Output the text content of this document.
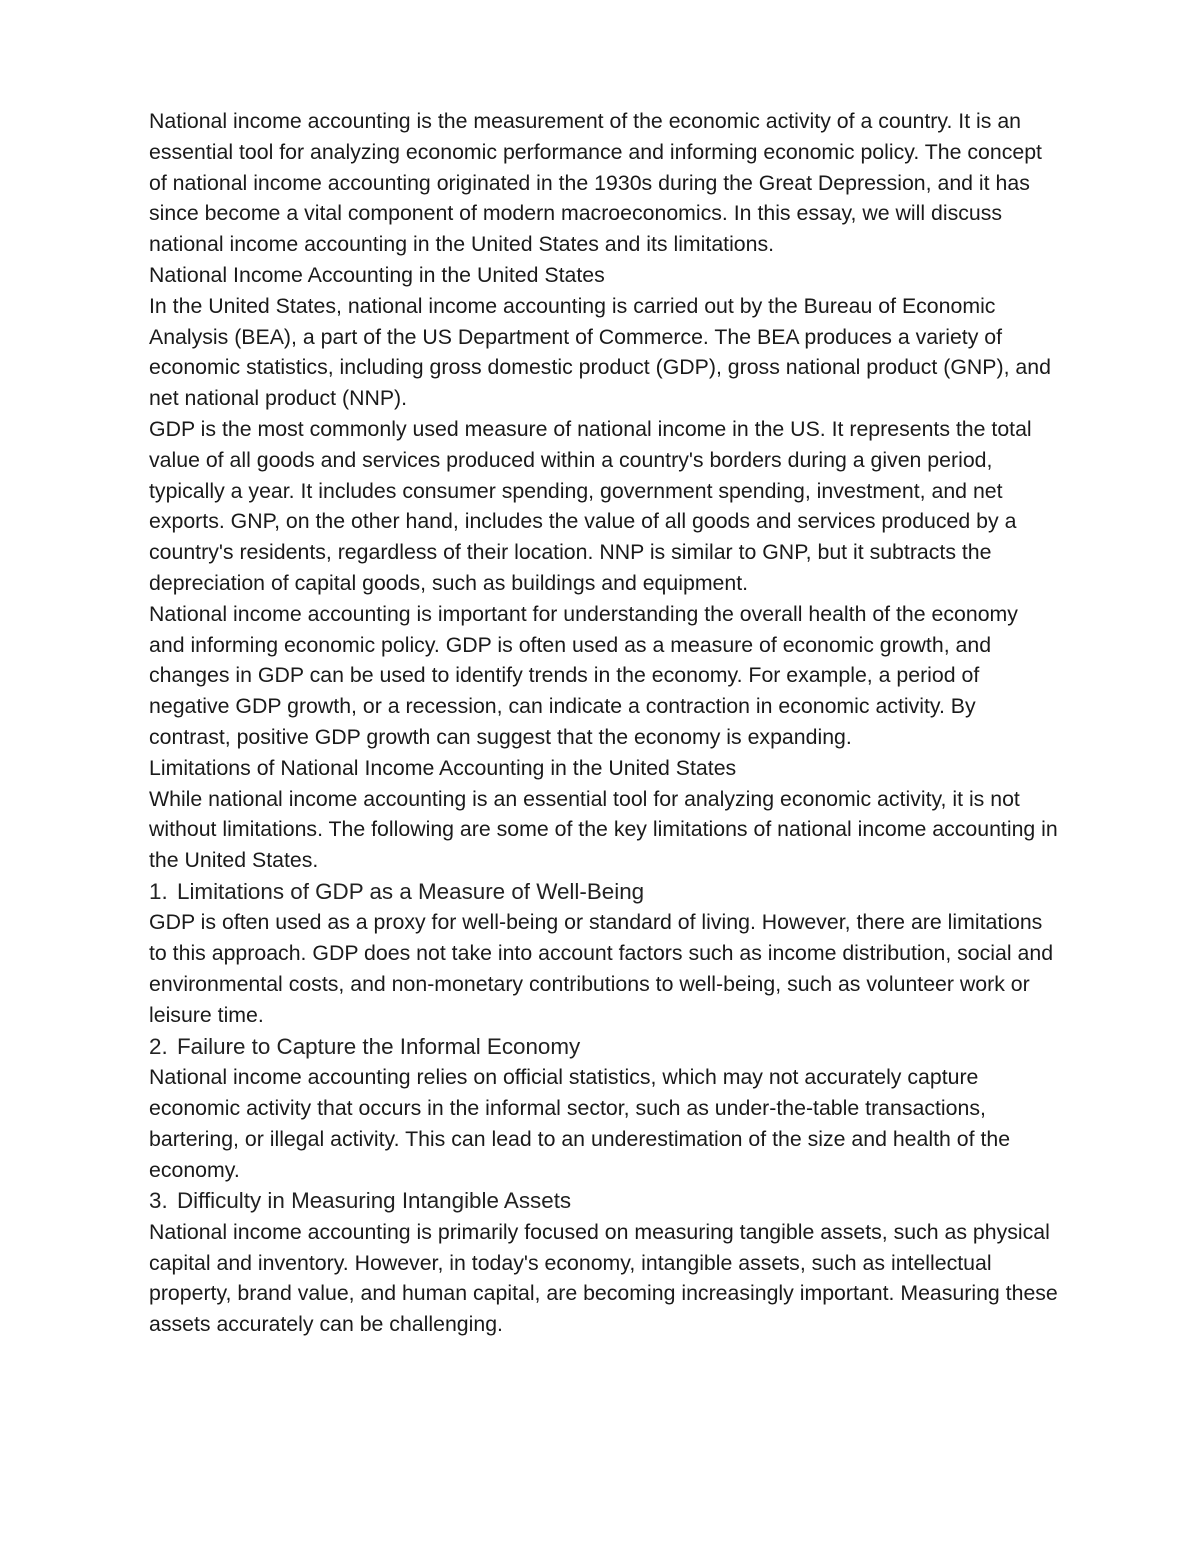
National income accounting is the measurement of the economic activity of a country. It is an essential tool for analyzing economic performance and informing economic policy. The concept of national income accounting originated in the 1930s during the Great Depression, and it has since become a vital component of modern macroeconomics. In this essay, we will discuss national income accounting in the United States and its limitations.

National Income Accounting in the United States

In the United States, national income accounting is carried out by the Bureau of Economic Analysis (BEA), a part of the US Department of Commerce. The BEA produces a variety of economic statistics, including gross domestic product (GDP), gross national product (GNP), and net national product (NNP).

GDP is the most commonly used measure of national income in the US. It represents the total value of all goods and services produced within a country's borders during a given period, typically a year. It includes consumer spending, government spending, investment, and net exports. GNP, on the other hand, includes the value of all goods and services produced by a country's residents, regardless of their location. NNP is similar to GNP, but it subtracts the depreciation of capital goods, such as buildings and equipment.

National income accounting is important for understanding the overall health of the economy and informing economic policy. GDP is often used as a measure of economic growth, and changes in GDP can be used to identify trends in the economy. For example, a period of negative GDP growth, or a recession, can indicate a contraction in economic activity. By contrast, positive GDP growth can suggest that the economy is expanding.

Limitations of National Income Accounting in the United States

While national income accounting is an essential tool for analyzing economic activity, it is not without limitations. The following are some of the key limitations of national income accounting in the United States.

1. Limitations of GDP as a Measure of Well-Being

GDP is often used as a proxy for well-being or standard of living. However, there are limitations to this approach. GDP does not take into account factors such as income distribution, social and environmental costs, and non-monetary contributions to well-being, such as volunteer work or leisure time.

2. Failure to Capture the Informal Economy

National income accounting relies on official statistics, which may not accurately capture economic activity that occurs in the informal sector, such as under-the-table transactions, bartering, or illegal activity. This can lead to an underestimation of the size and health of the economy.

3. Difficulty in Measuring Intangible Assets

National income accounting is primarily focused on measuring tangible assets, such as physical capital and inventory. However, in today's economy, intangible assets, such as intellectual property, brand value, and human capital, are becoming increasingly important. Measuring these assets accurately can be challenging.
